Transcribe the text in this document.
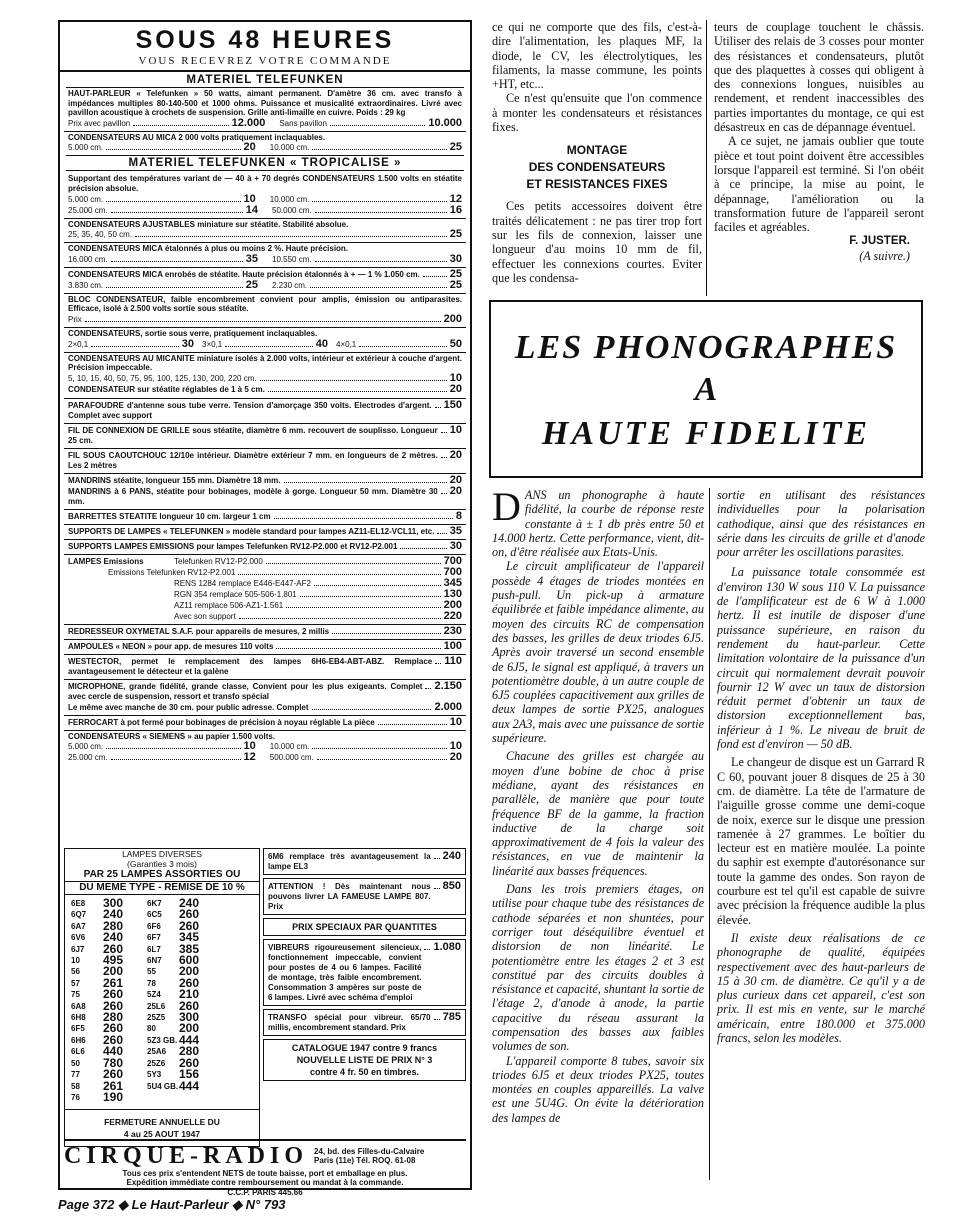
SOUS 48 HEURES
VOUS RECEVREZ VOTRE COMMANDE
MATERIEL TELEFUNKEN
HAUT-PARLEUR « Telefunken » 50 watts, aimant permanent. D'amètre 36 cm. avec transfo à impédances multiples 80-140-500 et 1000 ohms. Puissance et musicalité extraordinaires. Livré avec pavillon acoustique à crochets de suspension. Grille anti-limaille en cuivre. Poids : 29 kg
Prix avec pavillon	12.000 Sans pavillon	10.000
CONDENSATEURS AU MICA 2 000 volts pratiquement inclaquables.
5.000 cm.	20 10.000 cm.	25
MATERIEL TELEFUNKEN « TROPICALISE »
Supportant des températures variant de — 40 à + 70 degrés CONDENSATEURS 1.500 volts en stéatite précision absolue.
5.000 cm.	10 10.000 cm.	12
25.000 cm.	14 50.000 cm.	16
CONDENSATEURS AJUSTABLES miniature sur stéatite. Stabilité absolue.
25, 35, 40, 50 cm.	25
CONDENSATEURS MICA étalonnés à plus ou moins 2 %. Haute précision.
16.000 cm.	35 10.550 cm.	30
CONDENSATEURS MICA enrobés de stéatite. Haute précision étalonnés à + — 1 % 1.050 cm.	25
3.830 cm.	25 2.230 cm.	25
BLOC CONDENSATEUR, faible encombrement convient pour amplis, émission ou antiparasites. Efficace, isolé à 2.500 volts sortie sous stéatite.
Prix	200
CONDENSATEURS, sortie sous verre, pratiquement inclaquables.
2×0,1	30 3×0,1	40 4×0,1	50
CONDENSATEURS AU MICANITE miniature isolés à 2.000 volts, intérieur et extérieur à couche d'argent. Précision impeccable.
5, 10, 15, 40, 50, 75, 95, 100, 125, 130, 200, 220 cm.	10
CONDENSATEUR sur stéatite réglables de 1 à 5 cm.	20
PARAFOUDRE d'antenne sous tube verre. Tension d'amorçage 350 volts. Electrodes d'argent. Complet avec support
150
FIL DE CONNEXION DE GRILLE sous stéatite, diamètre 6 mm. recouvert de souplisso. Longueur 25 cm.
10
FIL SOUS CAOUTCHOUC 12/10e intérieur. Diamètre extérieur 7 mm. en longueurs de 2 mètres. Les 2 mètres
20
MANDRINS stéatite, longueur 155 mm. Diamètre 18 mm.	20
MANDRINS à 6 PANS, stéatite pour bobinages, modèle à gorge. Longueur 50 mm. Diamètre 30 mm.
20
BARRETTES STEATITE longueur 10 cm. largeur 1 cm	8
SUPPORTS DE LAMPES « TELEFUNKEN » modèle standard pour lampes AZ11-EL12-VCL11, etc. 35
SUPPORTS LAMPES EMISSIONS pour lampes Telefunken RV12-P2.000 et RV12-P2.001	30
LAMPES Emissions	Telefunken RV12-P2.000	700
Emissions Telefunken RV12-P2.001	700
RENS 1284 remplace E446-E447-AF2	345
RGN 354 remplace 505-506-1.801	130
AZ11 remplace 506-AZ1-1.561	200
Avec son support	220
REDRESSEUR OXYMETAL S.A.F. pour appareils de mesures, 2 millis	230
AMPOULES « NEON » pour app. de mesures 110 volts	100
WESTECTOR, permet le remplacement des lampes 6H6-EB4-ABT-ABZ. Remplace avantageusement le détecteur et la galène
110
MICROPHONE, grande fidélité, grande classe, Convient pour les plus exigeants. Complet avec cercle de suspension, ressort et transfo spécial
2.150
Le même avec manche de 30 cm. pour public adresse. Complet	2.000
FERROCART à pot fermé pour bobinages de précision à noyau réglable La pièce	10
CONDENSATEURS « SIEMENS » au papier 1.500 volts.
5.000 cm.	10 10.000 cm.	10
25.000 cm.	12 500.000 cm.	20
LAMPES DIVERSES
(Garanties 3 mois)
PAR 25 LAMPES ASSORTIES OU
DU MEME TYPE - REMISE DE 10 %
6E8	300	6K7	240
6Q7	240	6C5	260
6A7	280	6F6	260
6V6	240	6F7	345
6J7	260	6L7	385
10	495	6N7	600
56	200	55	200
57	261	78	260
75	260	5Z4	210
6A8	260	25L6	260
6H8	280	25Z5	300
6F5	260	80	200
6H6	260	5Z3 GB. 444
6L6	440	25A6	280
50	780	25Z6	260
77	260	5Y3	156
58	261	5U4 GB. 444
76	190
FERMETURE ANNUELLE DU
4 au 25 AOUT 1947
6M6 remplace très avantageusement la lampe EL3
240
ATTENTION ! Dès maintenant nous pouvons livrer LA FAMEUSE LAMPE 807. Prix
850
PRIX SPECIAUX PAR QUANTITES
VIBREURS rigoureusement silencieux, fonctionnement impeccable, convient pour postes de 4 ou 6 lampes. Facilité de montage, très faible encombrement. Consommation 3 ampères sur poste de 6 lampes. Livré avec schéma d'emploi
1.080
TRANSFO spécial pour vibreur. 65/70 millis, encombrement standard. Prix
785
CATALOGUE 1947 contre 9 francs
NOUVELLE LISTE DE PRIX N° 3
contre 4 fr. 50 en timbres.
CIRQUE-RADIO 24, bd. des Filles-du-Calvaire
Paris (11e) Tél. ROQ. 61-08
Tous ces prix s'entendent NETS de toute baisse, port et emballage en plus.
Expédition immédiate contre remboursement ou mandat à la commande.
C.C.P. PARIS 445.66

ce qui ne comporte que des fils, c'est-à-dire l'alimentation, les plaques MF, la diode, le CV, les électrolytiques, les filaments, la masse commune, les points +HT, etc...

Ce n'est qu'ensuite que l'on commence à monter les condensateurs et résistances fixes.

MONTAGE
DES CONDENSATEURS
ET RESISTANCES FIXES

Ces petits accessoires doivent être traités délicatement : ne pas tirer trop fort sur les fils de connexion, laisser une longueur d'au moins 10 mm de fil, effectuer les connexions courtes. Eviter que les condensa-

teurs de couplage touchent le châssis. Utiliser des relais de 3 cosses pour monter des résistances et condensateurs, plutôt que des plaquettes à cosses qui obligent à des connexions longues, nuisibles au rendement, et rendent inaccessibles des parties importantes du montage, ce qui est désastreux en cas de dépannage éventuel.

A ce sujet, ne jamais oublier que toute pièce et tout point doivent être accessibles lorsque l'appareil est terminé. Si l'on obéit à ce principe, la mise au point, le dépannage, l'amélioration ou la transformation future de l'appareil seront faciles et agréables.

F. JUSTER.
(A suivre.)
LES PHONOGRAPHES
A
HAUTE FIDELITE

DANS un phonographe à haute fidélité, la courbe de réponse reste constante à ± 1 db près entre 50 et 14.000 hertz. Cette performance, vient, dit-on, d'être réalisée aux Etats-Unis.

Le circuit amplificateur de l'appareil possède 4 étages de triodes montées en push-pull. Un pick-up à armature équilibrée et faible impédance alimente, au moyen des circuits RC de compensation des basses, les grilles de deux triodes 6J5. Après avoir traversé un second ensemble de 6J5, le signal est appliqué, à travers un potentiomètre double, à un autre couple de 6J5 couplées capacitivement aux grilles de deux lampes de sortie PX25, analogues aux 2A3, mais avec une puissance de sortie supérieure.

Chacune des grilles est chargée au moyen d'une bobine de choc à prise médiane, ayant des résistances en parallèle, de manière que pour toute fréquence BF de la gamme, la fraction inductive de la charge soit approximativement de 4 fois la valeur des résistances, en vue de maintenir la linéarité aux basses fréquences.

Dans les trois premiers étages, on utilise pour chaque tube des résistances de cathode séparées et non shuntées, pour corriger tout déséquilibre éventuel et distorsion de non linéarité. Le potentiomètre entre les étages 2 et 3 est constitué par des circuits doubles à résistance et capacité, shuntant la sortie de l'étage 2, d'anode à anode, la partie capacitive du réseau assurant la compensation des basses aux faibles volumes de son.

L'appareil comporte 8 tubes, savoir six triodes 6J5 et deux triodes PX25, toutes montées en couples appareillés. La valve est une 5U4G. On évite la détérioration des lampes de

sortie en utilisant des résistances individuelles pour la polarisation cathodique, ainsi que des résistances en série dans les circuits de grille et d'anode pour arrêter les oscillations parasites.

La puissance totale consommée est d'environ 130 W sous 110 V. La puissance de l'amplificateur est de 6 W à 1.000 hertz. Il est inutile de disposer d'une puissance supérieure, en raison du rendement du haut-parleur. Cette limitation volontaire de la puissance d'un circuit qui normalement devrait pouvoir fournir 12 W avec un taux de distorsion réduit permet d'obtenir un taux de distorsion exceptionnellement bas, inférieur à 1 %. Le niveau de bruit de fond est d'environ — 50 dB.

Le changeur de disque est un Garrard R C 60, pouvant jouer 8 disques de 25 à 30 cm. de diamètre. La tête de l'armature de l'aiguille grosse comme une demi-coque de noix, exerce sur le disque une pression ramenée à 27 grammes. Le boîtier du lecteur est en matière moulée. La pointe du saphir est exempte d'autorésonance sur toute la gamme des ondes. Son rayon de courbure est tel qu'il est capable de suivre avec précision la fréquence audible la plus élevée.

Il existe deux réalisations de ce phonographe de qualité, équipées respectivement avec des haut-parleurs de 15 à 30 cm. de diamètre. Ce qu'il y a de plus curieux dans cet appareil, c'est son prix. Il est mis en vente, sur le marché américain, entre 180.000 et 375.000 francs, selon les modèles.

Page 372 ◆ Le Haut-Parleur ◆ N° 793
